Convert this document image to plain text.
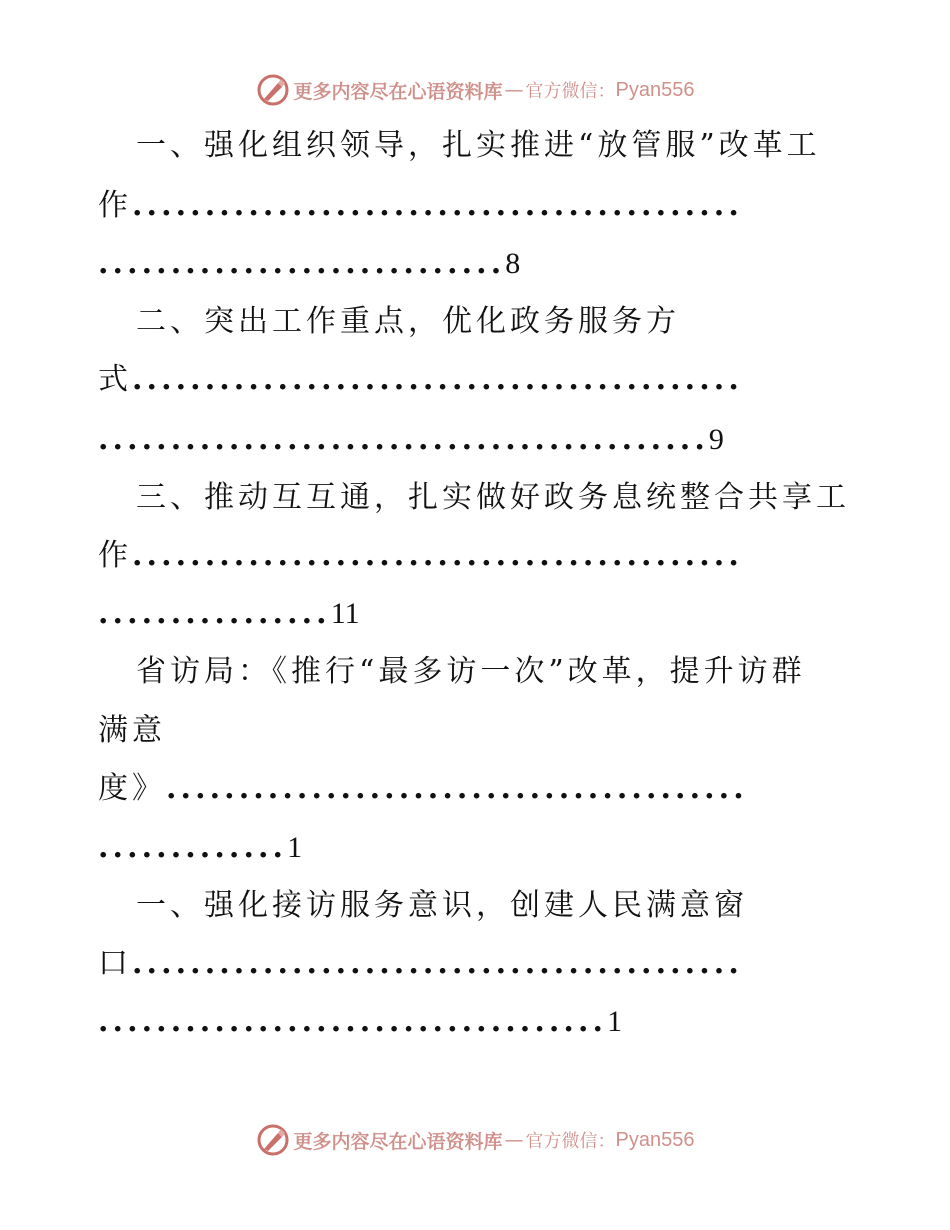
更多内容尽在心语资料库 — 官方微信： Pyan556
一、强化组织领导，扎实推进“放管服”改革工
作..........................................
............................8
二、突出工作重点，优化政务服务方
式..........................................
..........................................9
三、推动互互通，扎实做好政务息统整合共享工
作..........................................
................11
省访局：《推行“最多访一次”改革，提升访群
满意
度》........................................
.............1
一、强化接访服务意识，创建人民满意窗
口..........................................
...................................1
更多内容尽在心语资料库 — 官方微信： Pyan556
